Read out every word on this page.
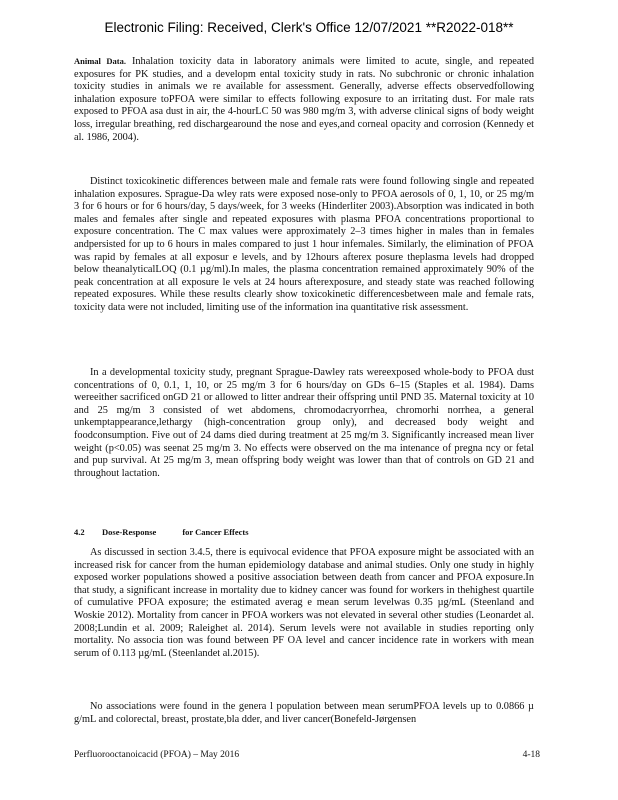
Electronic Filing: Received, Clerk's Office 12/07/2021 **R2022-018**

Animal Data. Inhalation toxicity data in laboratory animals were limited to acute, single, and repeated exposures for PK studies, and a developm ental toxicity study in rats. No subchronic or chronic inhalation toxicity studies in animals we re available for assessment. Generally, adverse effects observedfollowing inhalation exposure toPFOA were similar to effects following exposure to an irritating dust. For male rats exposed to PFOA asa dust in air, the 4-hourLC 50 was 980 mg/m 3, with adverse clinical signs of body weight loss, irregular breathing, red dischargearound the nose and eyes,and corneal opacity and corrosion (Kennedy et al. 1986, 2004).

Distinct toxicokinetic differences between male and female rats were found following single and repeated inhalation exposures. Sprague-Da wley rats were exposed nose-only to PFOA aerosols of 0, 1, 10, or 25 mg/m 3 for 6 hours or for 6 hours/day, 5 days/week, for 3 weeks (Hinderliter 2003).Absorption was indicated in both males and females after single and repeated exposures with plasma PFOA concentrations proportional to exposure concentration. The C max values were approximately 2–3 times higher in males than in females andpersisted for up to 6 hours in males compared to just 1 hour infemales. Similarly, the elimination of PFOA was rapid by females at all exposur e levels, and by 12hours afterex posure theplasma levels had dropped below theanalyticalLOQ (0.1 µg/ml).In males, the plasma concentration remained approximately 90% of the peak concentration at all exposure le vels at 24 hours afterexposure, and steady state was reached following repeated exposures. While these results clearly show toxicokinetic differencesbetween male and female rats, toxicity data were not included, limiting use of the information ina quantitative risk assessment.

In a developmental toxicity study, pregnant Sprague-Dawley rats wereexposed whole-body to PFOA dust concentrations of 0, 0.1, 1, 10, or 25 mg/m 3 for 6 hours/day on GDs 6–15 (Staples et al. 1984). Dams wereeither sacrificed onGD 21 or allowed to litter andrear their offspring until PND 35. Maternal toxicity at 10 and 25 mg/m 3 consisted of wet abdomens, chromodacryorrhea, chromorhi norrhea, a general unkemptappearance,lethargy (high-concentration group only), and decreased body weight and foodconsumption. Five out of 24 dams died during treatment at 25 mg/m 3. Significantly increased mean liver weight (p<0.05) was seenat 25 mg/m 3. No effects were observed on the ma intenance of pregna ncy or fetal and pup survival. At 25 mg/m 3, mean offspring body weight was lower than that of controls on GD 21 and throughout lactation.

4.2 Dose-Response	for Cancer Effects

As discussed in section 3.4.5, there is equivocal evidence that PFOA exposure might be associated with an increased risk for cancer from the human epidemiology database and animal studies. Only one study in highly exposed worker populations showed a positive association between death from cancer and PFOA exposure.In that study, a significant increase in mortality due to kidney cancer was found for workers in thehighest quartile of cumulative PFOA exposure; the estimated averag e mean serum levelwas 0.35 µg/mL (Steenland and Woskie 2012). Mortality from cancer in PFOA workers was not elevated in several other studies (Leonardet al. 2008;Lundin et al. 2009; Raleighet al. 2014). Serum levels were not available in studies reporting only mortality. No associa tion was found between PF OA level and cancer incidence rate in workers with mean serum of 0.113 µg/mL (Steenlandet al.2015).

No associations were found in the genera l population between mean serumPFOA levels up to 0.0866 µ g/mL and colorectal, breast, prostate,bla dder, and liver cancer(Bonefeld-Jørgensen

Perfluorooctanoicacid (PFOA) – May 2016	4-18
